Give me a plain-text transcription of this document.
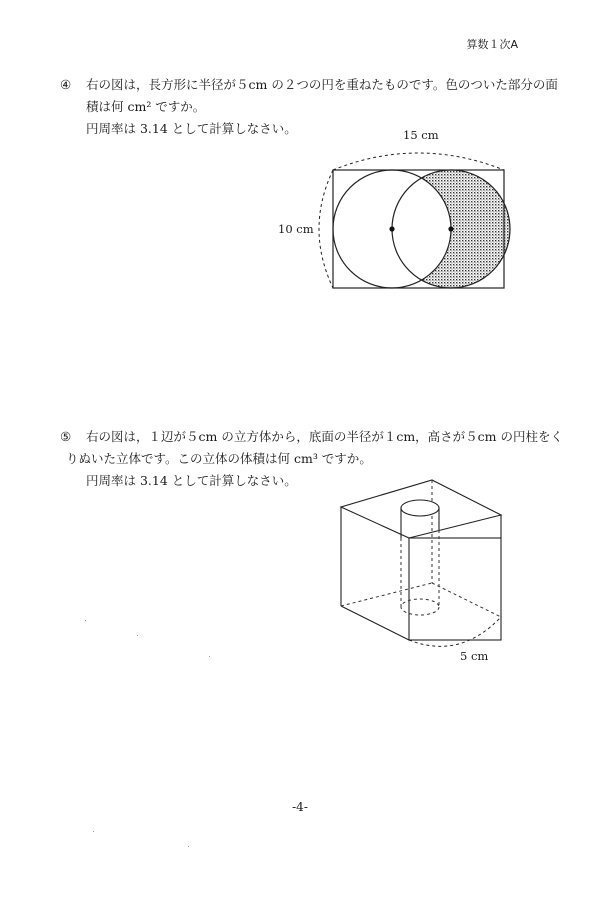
算数１次A
④ 右の図は，長方形に半径が５cm の２つの円を重ねたものです。色のついた部分の面
積は何 cm² ですか。
円周率は 3.14 として計算しなさい。	15 cm
10 cm
⑤ 右の図は，１辺が５cm の立方体から，底面の半径が１cm，高さが５cm の円柱をく
りぬいた立体です。この立体の体積は何 cm³ ですか。
円周率は 3.14 として計算しなさい。
5 cm
-4-
